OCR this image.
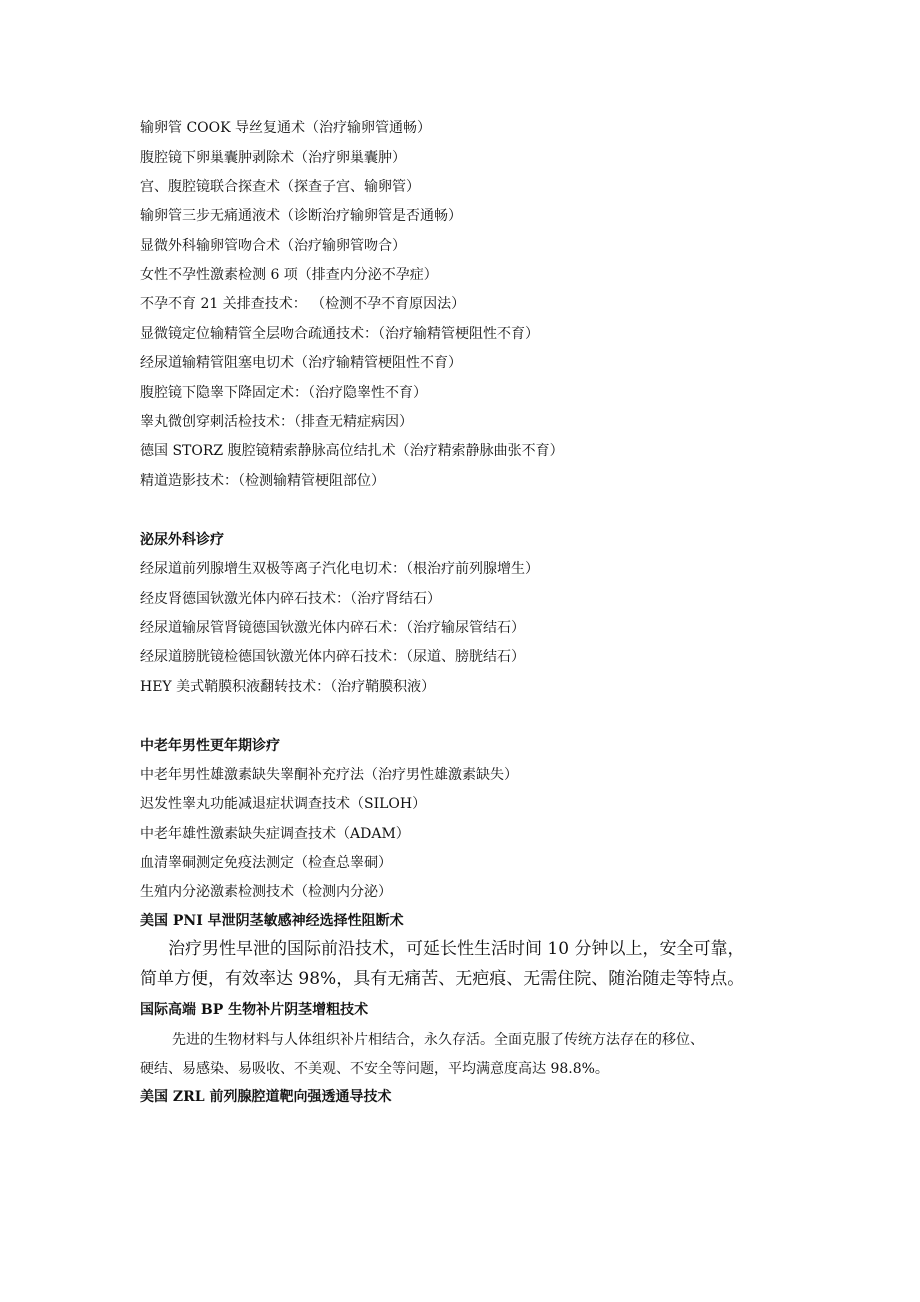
输卵管 COOK 导丝复通术（治疗输卵管通畅）
腹腔镜下卵巢囊肿剥除术（治疗卵巢囊肿）
宫、腹腔镜联合探查术（探查子宫、输卵管）
输卵管三步无痛通液术（诊断治疗输卵管是否通畅）
显微外科输卵管吻合术（治疗输卵管吻合）
女性不孕性激素检测 6 项（排查内分泌不孕症）
不孕不育 21 关排查技术： （检测不孕不育原因法）
显微镜定位输精管全层吻合疏通技术：（治疗输精管梗阻性不育）
经尿道输精管阻塞电切术（治疗输精管梗阻性不育）
腹腔镜下隐睾下降固定术：（治疗隐睾性不育）
睾丸微创穿刺活检技术：（排查无精症病因）
德国 STORZ 腹腔镜精索静脉高位结扎术（治疗精索静脉曲张不育）
精道造影技术：（检测输精管梗阻部位）
泌尿外科诊疗
经尿道前列腺增生双极等离子汽化电切术：（根治疗前列腺增生）
经皮肾德国钬激光体内碎石技术：（治疗肾结石）
经尿道输尿管肾镜德国钬激光体内碎石术：（治疗输尿管结石）
经尿道膀胱镜检德国钬激光体内碎石技术：（尿道、膀胱结石）
HEY 美式鞘膜积液翻转技术：（治疗鞘膜积液）
中老年男性更年期诊疗
中老年男性雄激素缺失睾酮补充疗法（治疗男性雄激素缺失）
迟发性睾丸功能减退症状调查技术（SILOH）
中老年雄性激素缺失症调查技术（ADAM）
血清睾硐测定免疫法测定（检查总睾硐）
生殖内分泌激素检测技术（检测内分泌）
美国 PNI 早泄阴茎敏感神经选择性阻断术
治疗男性早泄的国际前沿技术，可延长性生活时间 10 分钟以上，安全可靠，
简单方便，有效率达 98%，具有无痛苦、无疤痕、无需住院、随治随走等特点。
国际高端 BP 生物补片阴茎增粗技术
先进的生物材料与人体组织补片相结合，永久存活。全面克服了传统方法存在的移位、
硬结、易感染、易吸收、不美观、不安全等问题，平均满意度高达 98.8%。
美国 ZRL 前列腺腔道靶向强透通导技术
